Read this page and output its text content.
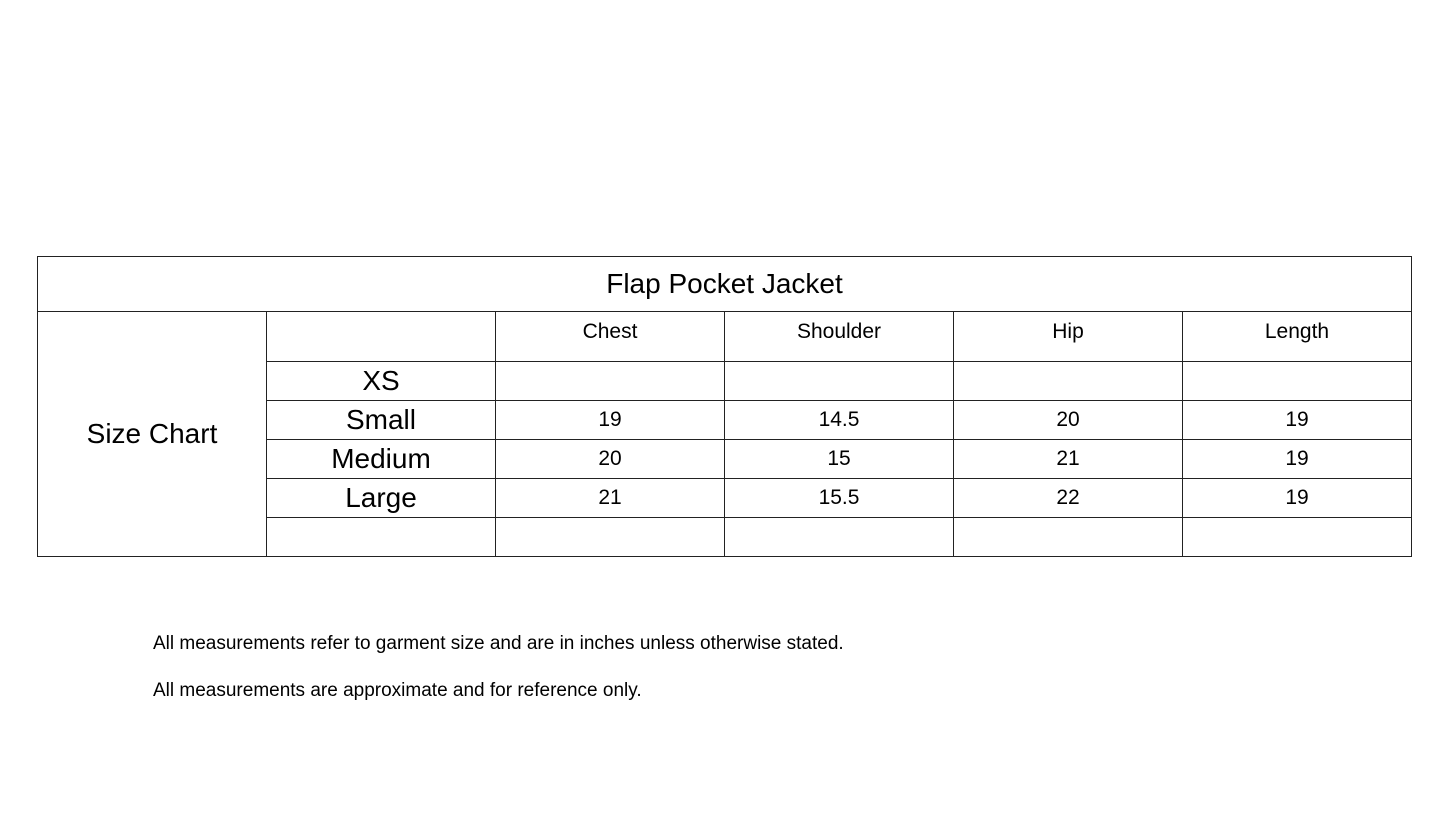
Flap Pocket Jacket					
Size Chart		Chest	Shoulder	Hip	Length
	XS				
	Small	19	14.5	20	19
	Medium	20	15	21	19
	Large	21	15.5	22	19

All measurements refer to garment size and are in inches unless otherwise stated.

All measurements are approximate and for reference only.
